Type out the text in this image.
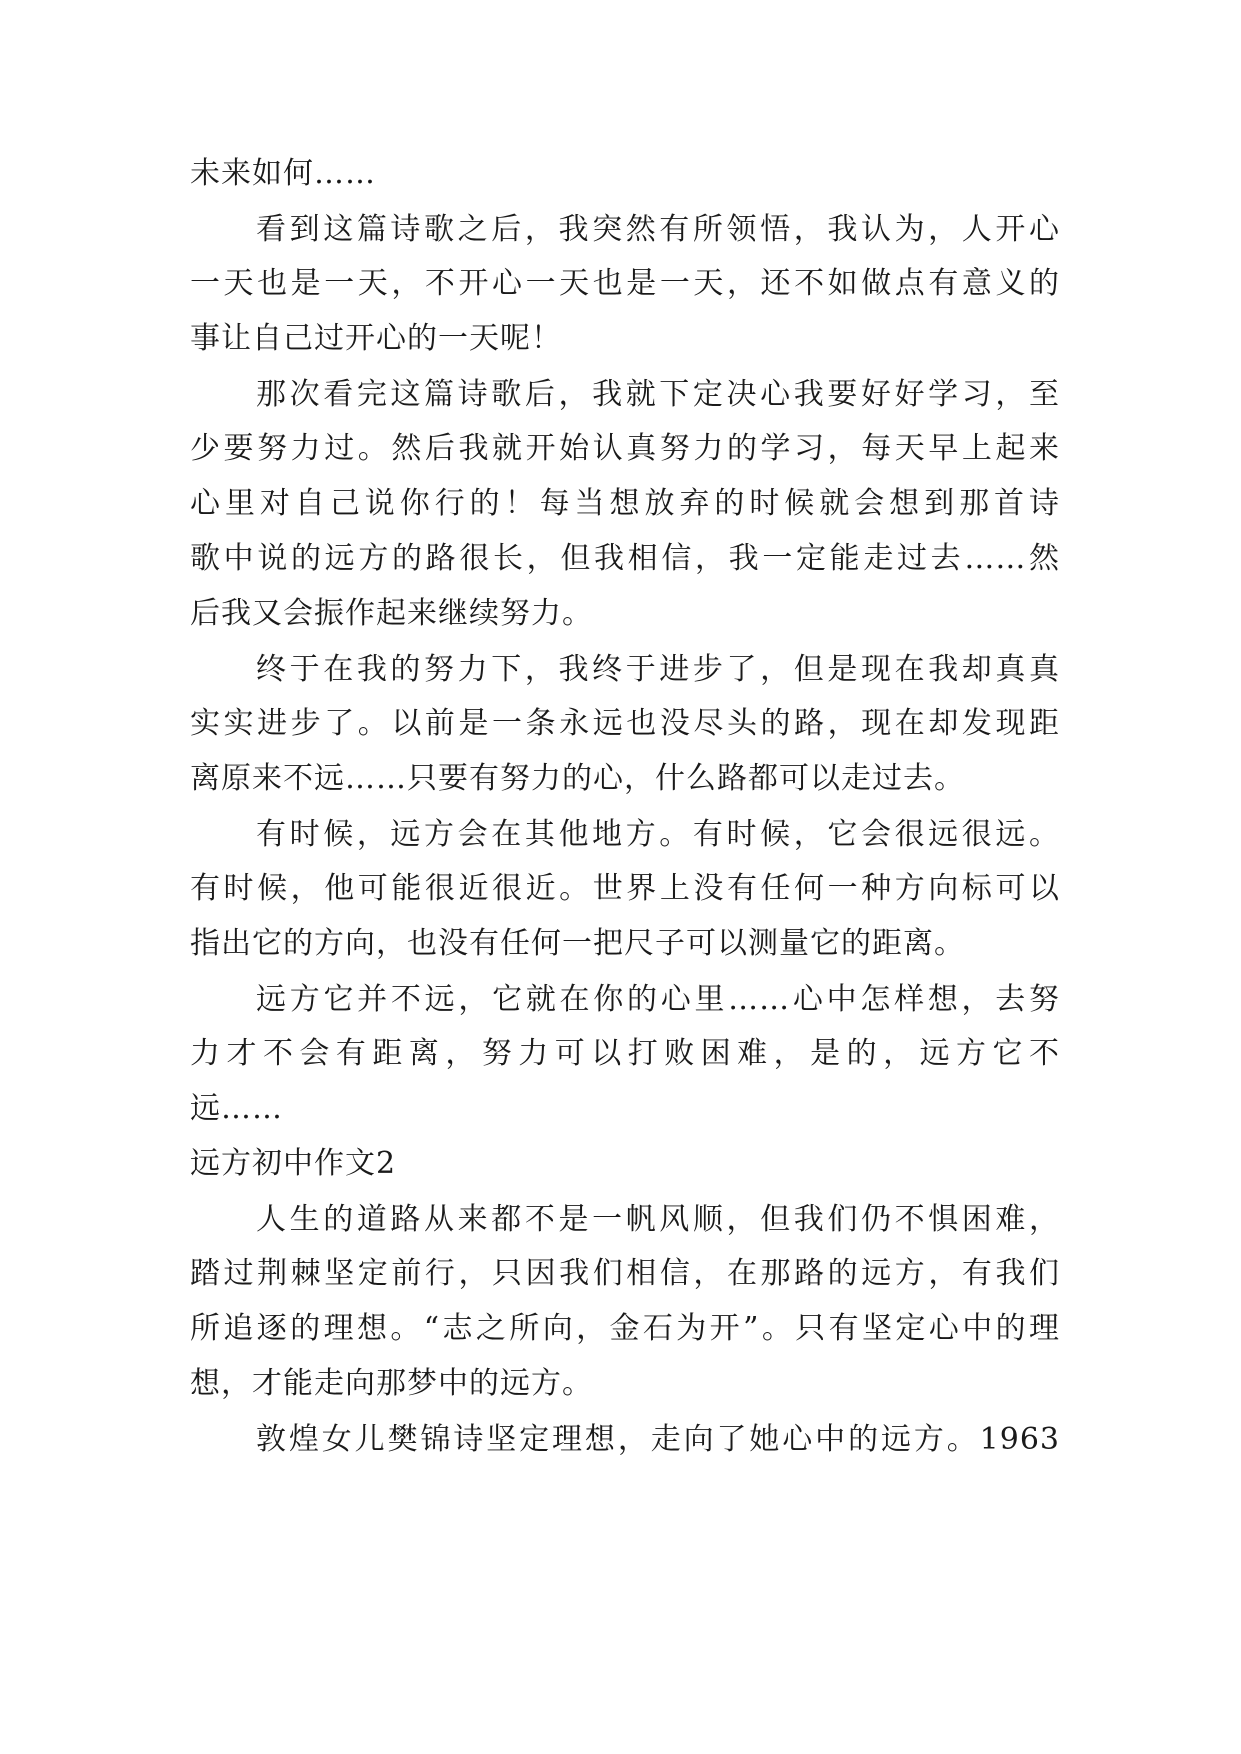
未来如何……
看到这篇诗歌之后，我突然有所领悟，我认为，人开心
一天也是一天，不开心一天也是一天，还不如做点有意义的
事让自己过开心的一天呢！
那次看完这篇诗歌后，我就下定决心我要好好学习，至
少要努力过。然后我就开始认真努力的学习，每天早上起来
心里对自己说你行的！每当想放弃的时候就会想到那首诗
歌中说的远方的路很长，但我相信，我一定能走过去……然
后我又会振作起来继续努力。
终于在我的努力下，我终于进步了，但是现在我却真真
实实进步了。以前是一条永远也没尽头的路，现在却发现距
离原来不远……只要有努力的心，什么路都可以走过去。
有时候，远方会在其他地方。有时候，它会很远很远。
有时候，他可能很近很近。世界上没有任何一种方向标可以
指出它的方向，也没有任何一把尺子可以测量它的距离。
远方它并不远，它就在你的心里……心中怎样想，去努
力才不会有距离，努力可以打败困难，是的，远方它不
远……
远方初中作文2
人生的道路从来都不是一帆风顺，但我们仍不惧困难，
踏过荆棘坚定前行，只因我们相信，在那路的远方，有我们
所追逐的理想。“志之所向，金石为开”。只有坚定心中的理
想，才能走向那梦中的远方。
敦煌女儿樊锦诗坚定理想，走向了她心中的远方。1963
